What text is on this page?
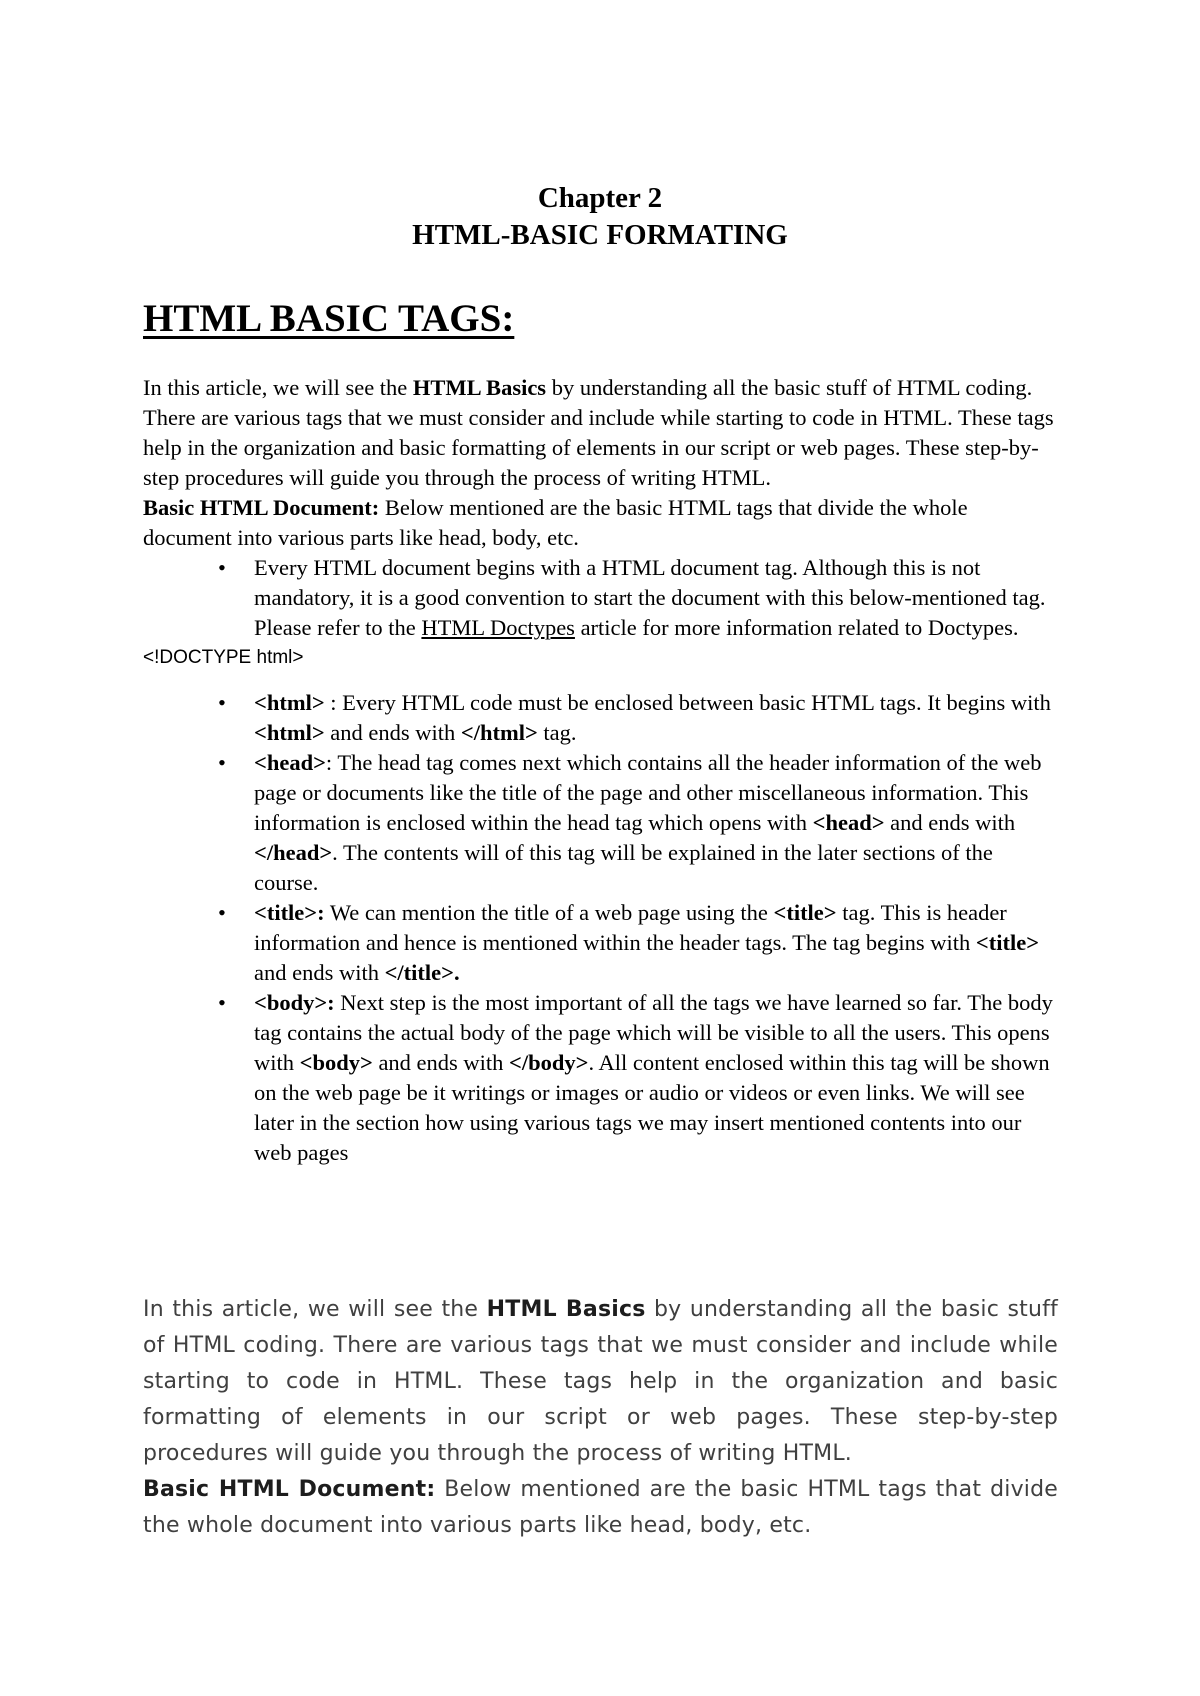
Chapter 2
HTML-BASIC FORMATING
HTML BASIC TAGS:

In this article, we will see the HTML Basics by understanding all the basic stuff of HTML coding. There are various tags that we must consider and include while starting to code in HTML. These tags help in the organization and basic formatting of elements in our script or web pages. These step-by-step procedures will guide you through the process of writing HTML.

Basic HTML Document: Below mentioned are the basic HTML tags that divide the whole document into various parts like head, body, etc.

• Every HTML document begins with a HTML document tag. Although this is not mandatory, it is a good convention to start the document with this below-mentioned tag. Please refer to the HTML Doctypes article for more information related to Doctypes.

<!DOCTYPE html>

• <html> : Every HTML code must be enclosed between basic HTML tags. It begins with <html> and ends with </html> tag.
• <head>: The head tag comes next which contains all the header information of the web page or documents like the title of the page and other miscellaneous information. This information is enclosed within the head tag which opens with <head> and ends with </head>. The contents will of this tag will be explained in the later sections of the course.
• <title>: We can mention the title of a web page using the <title> tag. This is header information and hence is mentioned within the header tags. The tag begins with <title> and ends with </title>.
• <body>: Next step is the most important of all the tags we have learned so far. The body tag contains the actual body of the page which will be visible to all the users. This opens with <body> and ends with </body>. All content enclosed within this tag will be shown on the web page be it writings or images or audio or videos or even links. We will see later in the section how using various tags we may insert mentioned contents into our web pages

In this article, we will see the HTML Basics by understanding all the basic stuff of HTML coding. There are various tags that we must consider and include while starting to code in HTML. These tags help in the organization and basic formatting of elements in our script or web pages. These step-by-step procedures will guide you through the process of writing HTML.

Basic HTML Document: Below mentioned are the basic HTML tags that divide the whole document into various parts like head, body, etc.
